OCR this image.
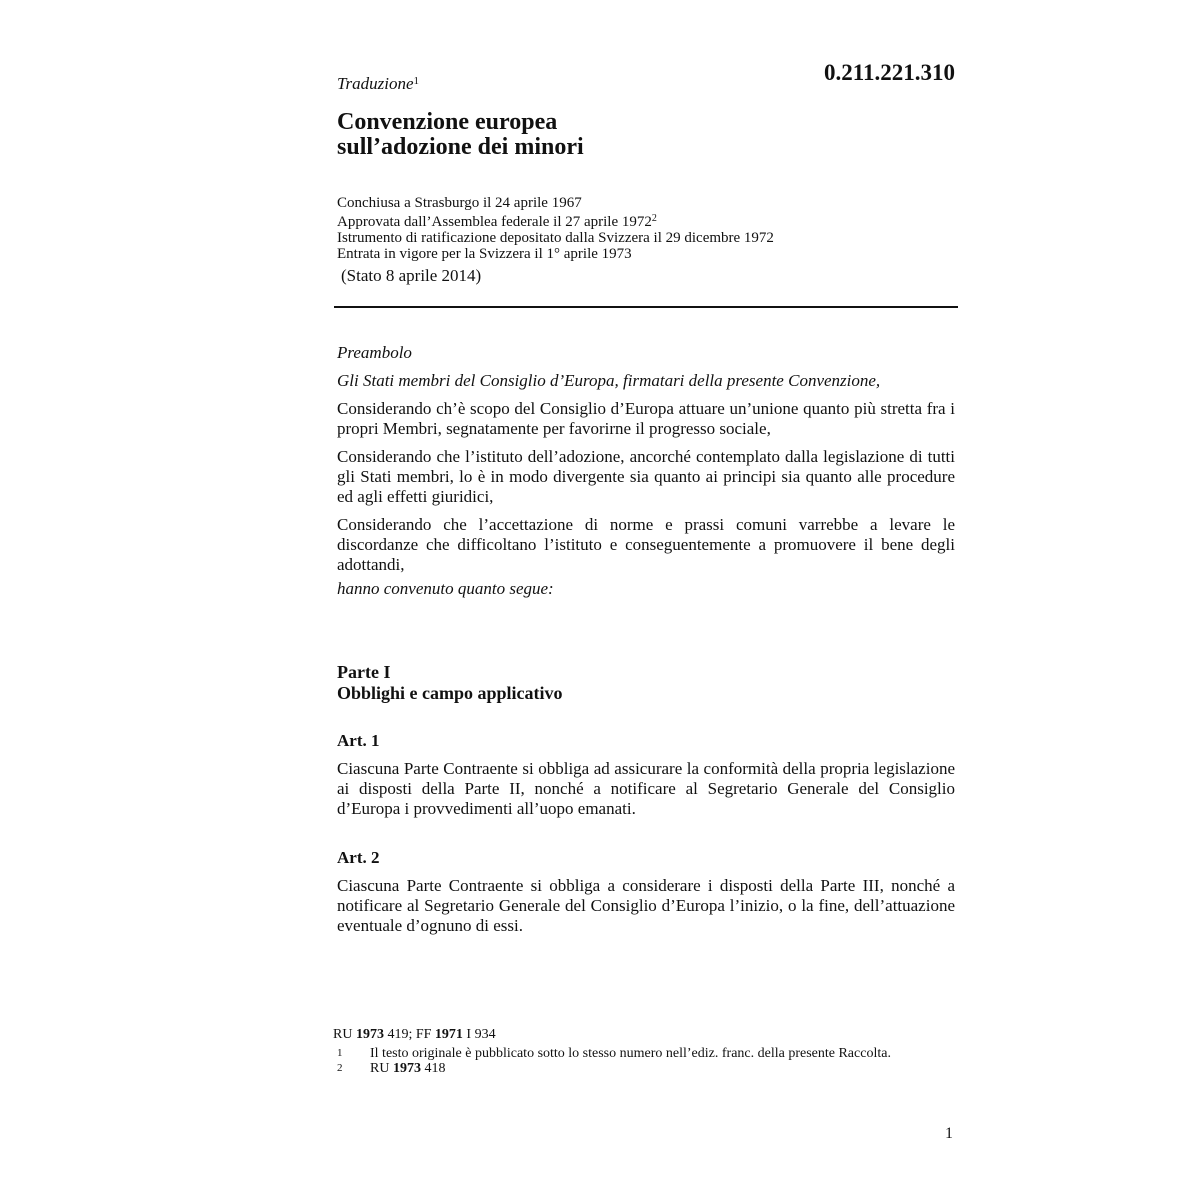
Traduzione$^1$	0.211.221.310
Convenzione europea
sull’adozione dei minori
Conchiusa a Strasburgo il 24 aprile 1967
Approvata dall’Assemblea federale il 27 aprile 1972$^2$
Istrumento di ratificazione depositato dalla Svizzera il 29 dicembre 1972
Entrata in vigore per la Svizzera il 1° aprile 1973
(Stato 8 aprile 2014)

Preambolo

Gli Stati membri del Consiglio d’Europa, firmatari della presente Convenzione,

Considerando ch’è scopo del Consiglio d’Europa attuare un’unione quanto più stretta fra i propri Membri, segnatamente per favorirne il progresso sociale,

Considerando che l’istituto dell’adozione, ancorché contemplato dalla legislazione di tutti gli Stati membri, lo è in modo divergente sia quanto ai principi sia quanto alle procedure ed agli effetti giuridici,

Considerando che l’accettazione di norme e prassi comuni varrebbe a levare le discordanze che difficoltano l’istituto e conseguentemente a promuovere il bene degli adottandi,

hanno convenuto quanto segue:

Parte I
Obblighi e campo applicativo
Art. 1

Ciascuna Parte Contraente si obbliga ad assicurare la conformità della propria legislazione ai disposti della Parte II, nonché a notificare al Segretario Generale del Consiglio d’Europa i provvedimenti all’uopo emanati.

Art. 2

Ciascuna Parte Contraente si obbliga a considerare i disposti della Parte III, nonché a notificare al Segretario Generale del Consiglio d’Europa l’inizio, o la fine, dell’attuazione eventuale d’ognuno di essi.

RU 1973 419; FF 1971 I 934
1	Il testo originale è pubblicato sotto lo stesso numero nell’ediz. franc. della presente Raccolta.
2	RU 1973 418
1
